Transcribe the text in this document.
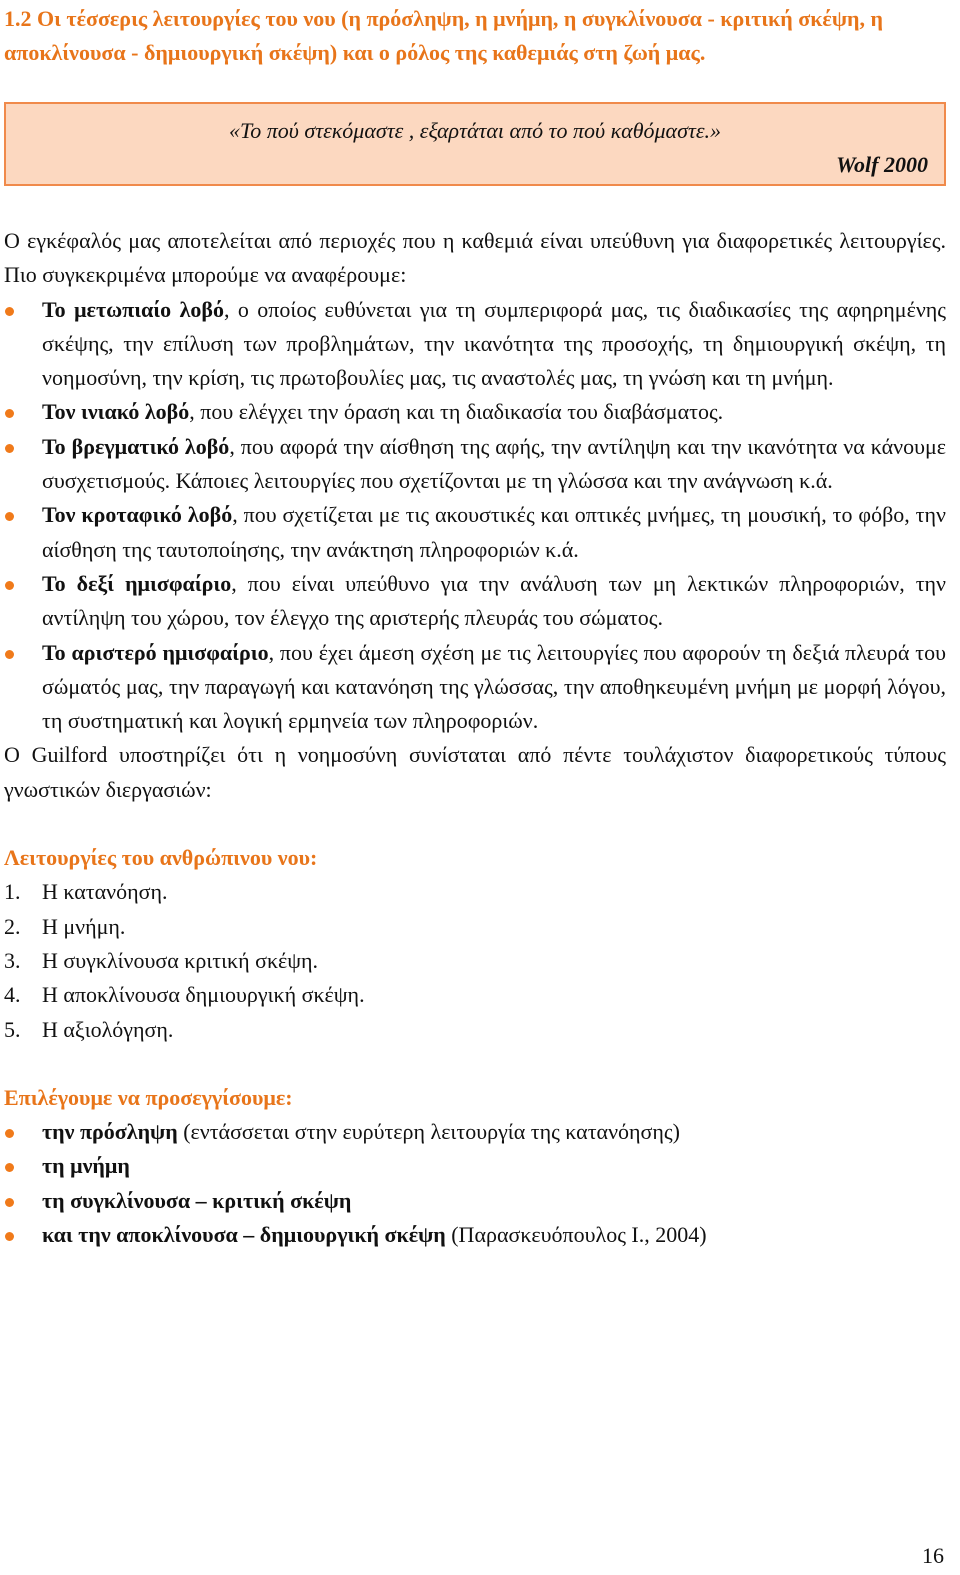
1.2 Οι τέσσερις λειτουργίες του νου (η πρόσληψη, η μνήμη, η συγκλίνουσα - κριτική σκέψη, η αποκλίνουσα - δημιουργική σκέψη) και ο ρόλος της καθεμιάς στη ζωή μας.
«Το πού στεκόμαστε , εξαρτάται από το πού καθόμαστε.»
Wolf 2000

Ο εγκέφαλός μας αποτελείται από περιοχές που η καθεμιά είναι υπεύθυνη για διαφορετικές λειτουργίες. Πιο συγκεκριμένα μπορούμε να αναφέρουμε:

Το μετωπιαίο λοβό, ο οποίος ευθύνεται για τη συμπεριφορά μας, τις διαδικασίες της αφηρημένης σκέψης, την επίλυση των προβλημάτων, την ικανότητα της προσοχής, τη δημιουργική σκέψη, τη νοημοσύνη, την κρίση, τις πρωτοβουλίες μας, τις αναστολές μας, τη γνώση και τη μνήμη.
Τον ινιακό λοβό, που ελέγχει την όραση και τη διαδικασία του διαβάσματος.
Το βρεγματικό λοβό, που αφορά την αίσθηση της αφής, την αντίληψη και την ικανότητα να κάνουμε συσχετισμούς. Κάποιες λειτουργίες που σχετίζονται με τη γλώσσα και την ανάγνωση κ.ά.
Τον κροταφικό λοβό, που σχετίζεται με τις ακουστικές και οπτικές μνήμες, τη μουσική, το φόβο, την αίσθηση της ταυτοποίησης, την ανάκτηση πληροφοριών κ.ά.
Το δεξί ημισφαίριο, που είναι υπεύθυνο για την ανάλυση των μη λεκτικών πληροφοριών, την αντίληψη του χώρου, τον έλεγχο της αριστερής πλευράς του σώματος.
Το αριστερό ημισφαίριο, που έχει άμεση σχέση με τις λειτουργίες που αφορούν τη δεξιά πλευρά του σώματός μας, την παραγωγή και κατανόηση της γλώσσας, την αποθηκευμένη μνήμη με μορφή λόγου, τη συστηματική και λογική ερμηνεία των πληροφοριών.

Ο Guilford υποστηρίζει ότι η νοημοσύνη συνίσταται από πέντε τουλάχιστον διαφορετικούς τύπους γνωστικών διεργασιών:

Λειτουργίες του ανθρώπινου νου:

1. Η κατανόηση.
2. Η μνήμη.
3. Η συγκλίνουσα κριτική σκέψη.
4. Η αποκλίνουσα δημιουργική σκέψη.
5. Η αξιολόγηση.

Επιλέγουμε να προσεγγίσουμε:

την πρόσληψη (εντάσσεται στην ευρύτερη λειτουργία της κατανόησης)
τη μνήμη
τη συγκλίνουσα – κριτική σκέψη
και την αποκλίνουσα – δημιουργική σκέψη (Παρασκευόπουλος Ι., 2004)
16
